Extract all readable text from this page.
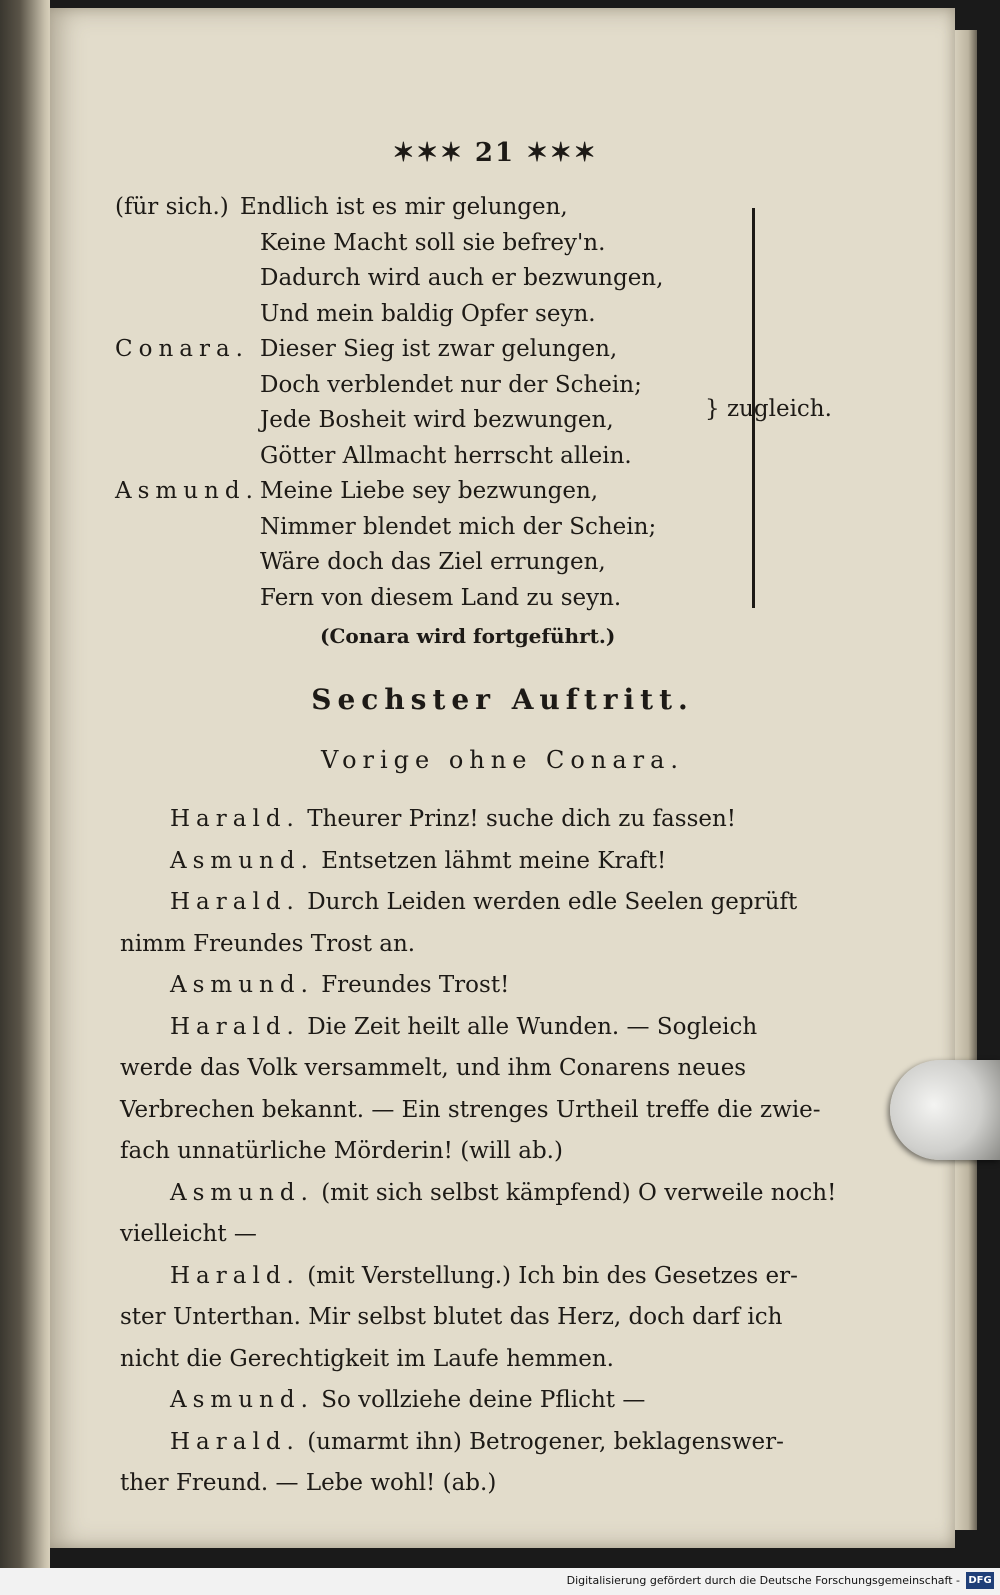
✶✶✶ 21 ✶✶✶
(für sich.) Endlich ist es mir gelungen,
Keine Macht soll sie befrey'n.
Dadurch wird auch er bezwungen,
Und mein baldig Opfer seyn.
Conara. Dieser Sieg ist zwar gelungen,
Doch verblendet nur der Schein;
Jede Bosheit wird bezwungen,
Götter Allmacht herrscht allein.
Asmund. Meine Liebe sey bezwungen,
Nimmer blendet mich der Schein;
Wäre doch das Ziel errungen,
Fern von diesem Land zu seyn.
} zugleich.
(Conara wird fortgeführt.)
Sechster Auftritt.
Vorige ohne Conara.
Harald. Theurer Prinz! suche dich zu fassen!
Asmund. Entsetzen lähmt meine Kraft!
Harald. Durch Leiden werden edle Seelen geprüft
nimm Freundes Trost an.
Asmund. Freundes Trost!
Harald. Die Zeit heilt alle Wunden. — Sogleich
werde das Volk versammelt, und ihm Conarens neues
Verbrechen bekannt. — Ein strenges Urtheil treffe die zwie-
fach unnatürliche Mörderin! (will ab.)
Asmund. (mit sich selbst kämpfend) O verweile noch!
vielleicht —
Harald. (mit Verstellung.) Ich bin des Gesetzes er-
ster Unterthan. Mir selbst blutet das Herz, doch darf ich
nicht die Gerechtigkeit im Laufe hemmen.
Asmund. So vollziehe deine Pflicht —
Harald. (umarmt ihn) Betrogener, beklagenswer-
ther Freund. — Lebe wohl! (ab.)
Digitalisierung gefördert durch die Deutsche Forschungsgemeinschaft - DFG
